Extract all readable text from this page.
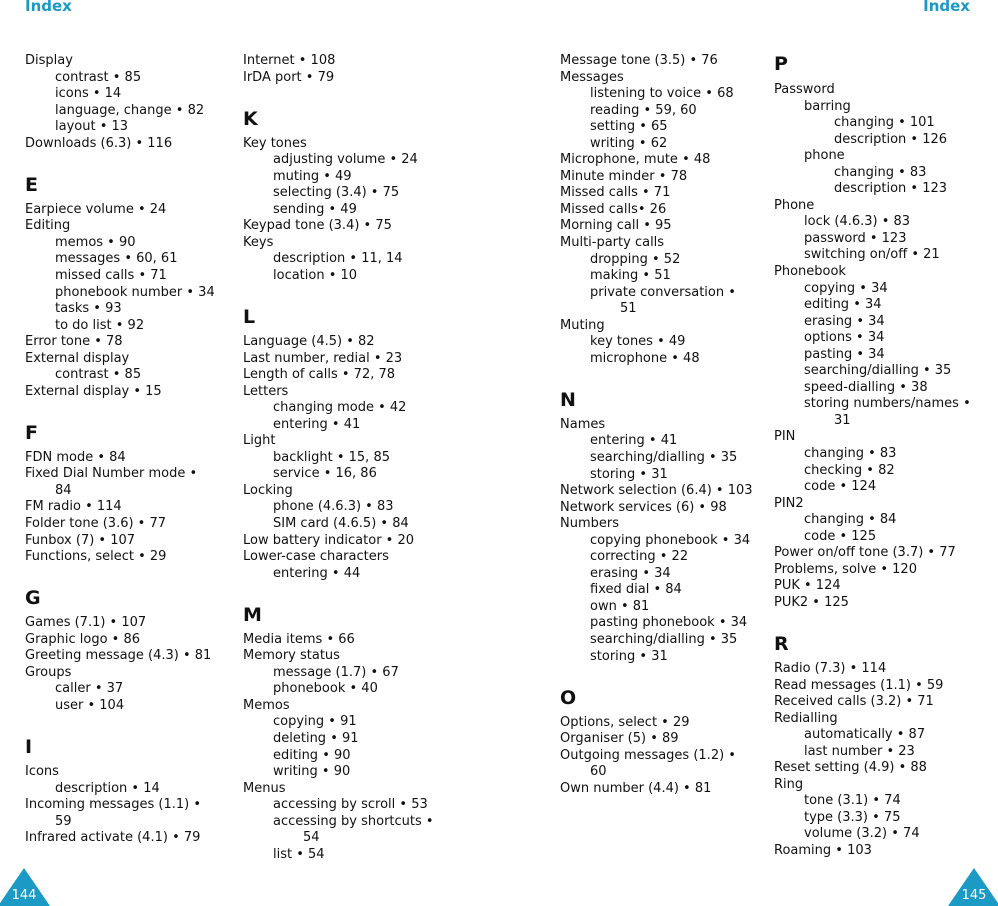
Index	Index
Display
contrast • 85
icons • 14
language, change • 82
layout • 13
Downloads (6.3) • 116
E
Earpiece volume • 24
Editing
memos • 90
messages • 60, 61
missed calls • 71
phonebook number • 34
tasks • 93
to do list • 92
Error tone • 78
External display
contrast • 85
External display • 15
F
FDN mode • 84
Fixed Dial Number mode •
84
FM radio • 114
Folder tone (3.6) • 77
Funbox (7) • 107
Functions, select • 29
G
Games (7.1) • 107
Graphic logo • 86
Greeting message (4.3) • 81
Groups
caller • 37
user • 104
I
Icons
description • 14
Incoming messages (1.1) •
59
Infrared activate (4.1) • 79
Internet • 108
IrDA port • 79
K
Key tones
adjusting volume • 24
muting • 49
selecting (3.4) • 75
sending • 49
Keypad tone (3.4) • 75
Keys
description • 11, 14
location • 10
L
Language (4.5) • 82
Last number, redial • 23
Length of calls • 72, 78
Letters
changing mode • 42
entering • 41
Light
backlight • 15, 85
service • 16, 86
Locking
phone (4.6.3) • 83
SIM card (4.6.5) • 84
Low battery indicator • 20
Lower-case characters
entering • 44
M
Media items • 66
Memory status
message (1.7) • 67
phonebook • 40
Memos
copying • 91
deleting • 91
editing • 90
writing • 90
Menus
accessing by scroll • 53
accessing by shortcuts •
54
list • 54
Message tone (3.5) • 76
Messages
listening to voice • 68
reading • 59, 60
setting • 65
writing • 62
Microphone, mute • 48
Minute minder • 78
Missed calls • 71
Missed calls• 26
Morning call • 95
Multi-party calls
dropping • 52
making • 51
private conversation •
51
Muting
key tones • 49
microphone • 48
N
Names
entering • 41
searching/dialling • 35
storing • 31
Network selection (6.4) • 103
Network services (6) • 98
Numbers
copying phonebook • 34
correcting • 22
erasing • 34
fixed dial • 84
own • 81
pasting phonebook • 34
searching/dialling • 35
storing • 31
O
Options, select • 29
Organiser (5) • 89
Outgoing messages (1.2) •
60
Own number (4.4) • 81
P
Password
barring
changing • 101
description • 126
phone
changing • 83
description • 123
Phone
lock (4.6.3) • 83
password • 123
switching on/off • 21
Phonebook
copying • 34
editing • 34
erasing • 34
options • 34
pasting • 34
searching/dialling • 35
speed-dialling • 38
storing numbers/names •
31
PIN
changing • 83
checking • 82
code • 124
PIN2
changing • 84
code • 125
Power on/off tone (3.7) • 77
Problems, solve • 120
PUK • 124
PUK2 • 125
R
Radio (7.3) • 114
Read messages (1.1) • 59
Received calls (3.2) • 71
Redialling
automatically • 87
last number • 23
Reset setting (4.9) • 88
Ring
tone (3.1) • 74
type (3.3) • 75
volume (3.2) • 74
Roaming • 103
144	145
